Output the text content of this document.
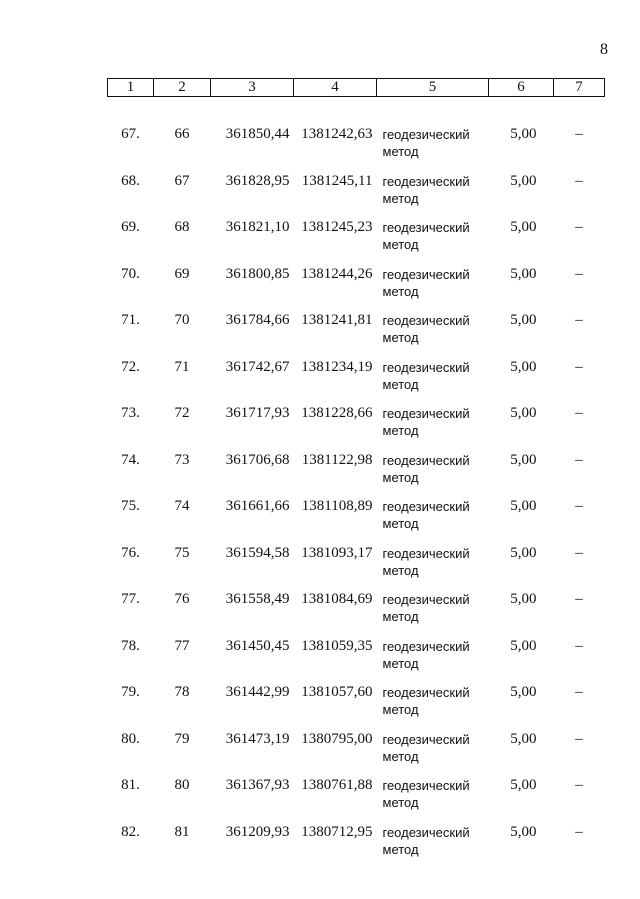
8
1	2	3	4	5	6	7
67.	66	361850,44	1381242,63	геодезический метод	5,00	–
68.	67	361828,95	1381245,11	геодезический метод	5,00	–
69.	68	361821,10	1381245,23	геодезический метод	5,00	–
70.	69	361800,85	1381244,26	геодезический метод	5,00	–
71.	70	361784,66	1381241,81	геодезический метод	5,00	–
72.	71	361742,67	1381234,19	геодезический метод	5,00	–
73.	72	361717,93	1381228,66	геодезический метод	5,00	–
74.	73	361706,68	1381122,98	геодезический метод	5,00	–
75.	74	361661,66	1381108,89	геодезический метод	5,00	–
76.	75	361594,58	1381093,17	геодезический метод	5,00	–
77.	76	361558,49	1381084,69	геодезический метод	5,00	–
78.	77	361450,45	1381059,35	геодезический метод	5,00	–
79.	78	361442,99	1381057,60	геодезический метод	5,00	–
80.	79	361473,19	1380795,00	геодезический метод	5,00	–
81.	80	361367,93	1380761,88	геодезический метод	5,00	–
82.	81	361209,93	1380712,95	геодезический метод	5,00	–
